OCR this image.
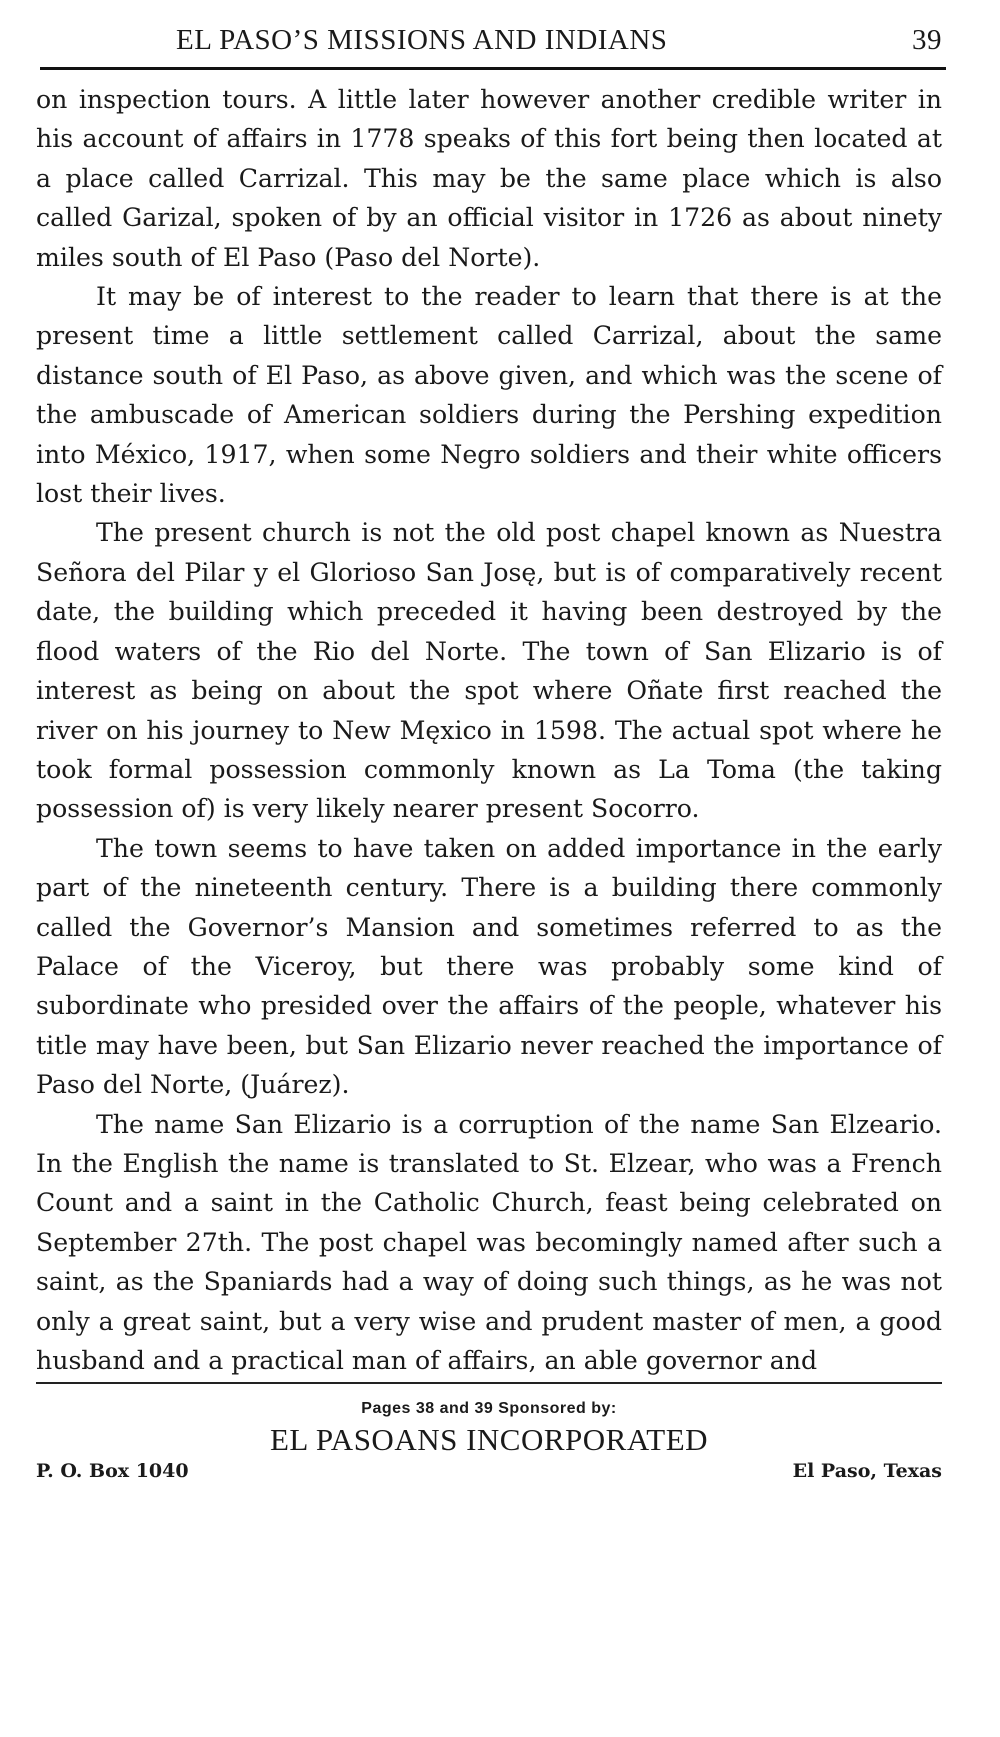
EL PASO’S MISSIONS AND INDIANS	39

on inspection tours. A little later however another credible writer in his account of affairs in 1778 speaks of this fort being then located at a place called Carrizal. This may be the same place which is also called Garizal, spoken of by an official visitor in 1726 as about ninety miles south of El Paso (Paso del Norte).

It may be of interest to the reader to learn that there is at the present time a little settlement called Carrizal, about the same distance south of El Paso, as above given, and which was the scene of the ambuscade of American soldiers during the Pershing expedition into México, 1917, when some Negro soldiers and their white officers lost their lives.

The present church is not the old post chapel known as Nuestra Señora del Pilar y el Glorioso San Josę, but is of comparatively recent date, the building which preceded it having been destroyed by the flood waters of the Rio del Norte. The town of San Elizario is of interest as being on about the spot where Oñate first reached the river on his journey to New Męxico in 1598. The actual spot where he took formal possession commonly known as La Toma (the taking possession of) is very likely nearer present Socorro.

The town seems to have taken on added importance in the early part of the nineteenth century. There is a building there commonly called the Governor’s Mansion and sometimes referred to as the Palace of the Viceroy, but there was probably some kind of subordinate who presided over the affairs of the people, whatever his title may have been, but San Elizario never reached the importance of Paso del Norte, (Juárez).

The name San Elizario is a corruption of the name San Elzeario. In the English the name is translated to St. Elzear, who was a French Count and a saint in the Catholic Church, feast being celebrated on September 27th. The post chapel was becomingly named after such a saint, as the Spaniards had a way of doing such things, as he was not only a great saint, but a very wise and prudent master of men, a good husband and a practical man of affairs, an able governor and

Pages 38 and 39 Sponsored by:
EL PASOANS INCORPORATED
P. O. Box 1040	El Paso, Texas
